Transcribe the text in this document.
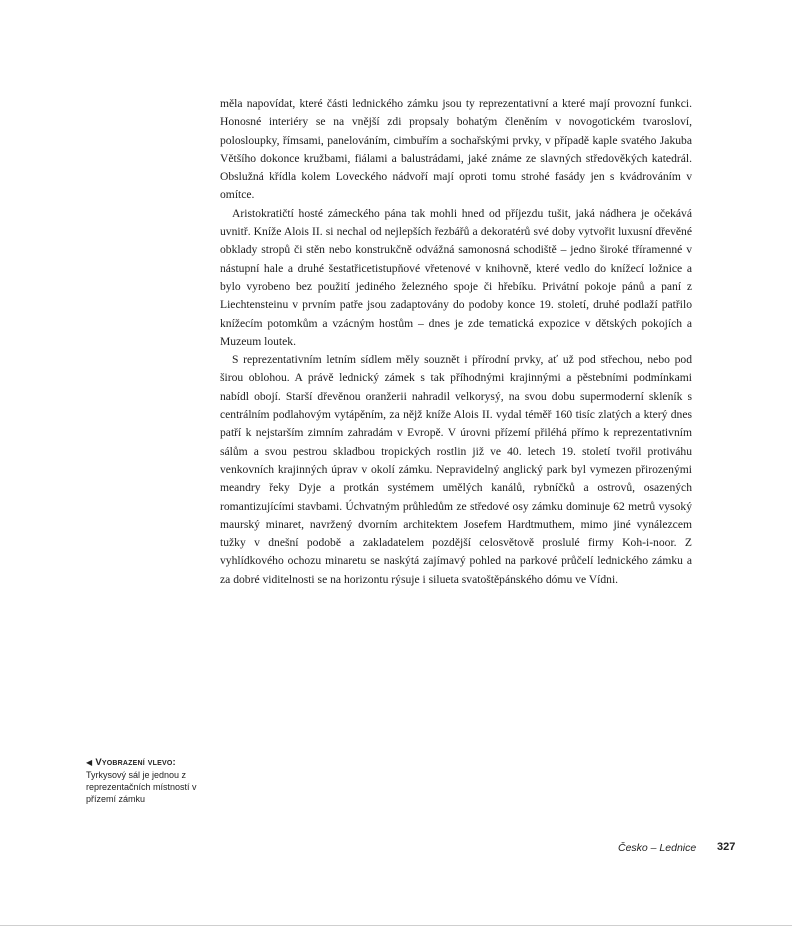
měla napovídat, které části lednického zámku jsou ty reprezentativní a které mají provozní funkci. Honosné interiéry se na vnější zdi propsaly bohatým členěním v novogotickém tvarosloví, polosloupky, římsami, panelováním, cimbuřím a sochařskými prvky, v případě kaple svatého Jakuba Většího dokonce kružbami, fiálami a balustrádami, jaké známe ze slavných středověkých katedrál. Obslužná křídla kolem Loveckého nádvoří mají oproti tomu strohé fasády jen s kvádrováním v omítce.

Aristokratičtí hosté zámeckého pána tak mohli hned od příjezdu tušit, jaká nádhera je očekává uvnitř. Kníže Alois II. si nechal od nejlepších řezbářů a dekoratérů své doby vytvořit luxusní dřevěné obklady stropů či stěn nebo konstrukčně odvážná samonosná schodiště – jedno široké tříramenné v nástupní hale a druhé šestatřicetistupňové vřetenové v knihovně, které vedlo do knížecí ložnice a bylo vyrobeno bez použití jediného železného spoje či hřebíku. Privátní pokoje pánů a paní z Liechtensteinu v prvním patře jsou zadaptovány do podoby konce 19. století, druhé podlaží patřilo knížecím potomkům a vzácným hostům – dnes je zde tematická expozice v dětských pokojích a Muzeum loutek.

S reprezentativním letním sídlem měly souznět i přírodní prvky, ať už pod střechou, nebo pod širou oblohou. A právě lednický zámek s tak příhodnými krajinnými a pěstebními podmínkami nabídl obojí. Starší dřevěnou oranžerii nahradil velkorysý, na svou dobu supermoderní skleník s centrálním podlahovým vytápěním, za nějž kníže Alois II. vydal téměř 160 tisíc zlatých a který dnes patří k nejstarším zimním zahradám v Evropě. V úrovni přízemí přiléhá přímo k reprezentativním sálům a svou pestrou skladbou tropických rostlin již ve 40. letech 19. století tvořil protiváhu venkovních krajinných úprav v okolí zámku. Nepravidelný anglický park byl vymezen přirozenými meandry řeky Dyje a protkán systémem umělých kanálů, rybníčků a ostrovů, osazených romantizujícími stavbami. Úchvatným průhledům ze středové osy zámku dominuje 62 metrů vysoký maurský minaret, navržený dvorním architektem Josefem Hardtmuthem, mimo jiné vynálezcem tužky v dnešní podobě a zakladatelem pozdější celosvětově proslulé firmy Koh-i-noor. Z vyhlídkového ochozu minaretu se naskýtá zajímavý pohled na parkové průčelí lednického zámku a za dobré viditelnosti se na horizontu rýsuje i silueta svatoštěpánského dómu ve Vídni.

◀ Vyobrazení vlevo:
Tyrkysový sál je jednou z reprezentačních místností v přízemí zámku
Česko – Lednice 327
